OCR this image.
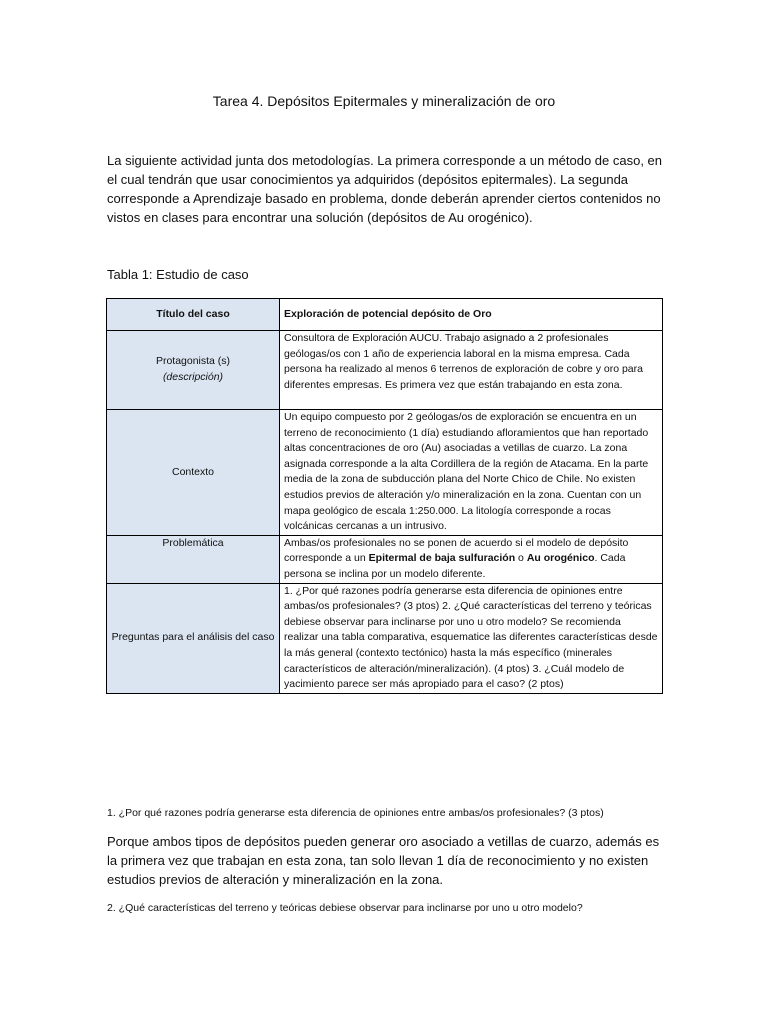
Tarea 4. Depósitos Epitermales y mineralización de oro

La siguiente actividad junta dos metodologías. La primera corresponde a un método de caso, en el cual tendrán que usar conocimientos ya adquiridos (depósitos epitermales). La segunda corresponde a Aprendizaje basado en problema, donde deberán aprender ciertos contenidos no vistos en clases para encontrar una solución (depósitos de Au orogénico).

Tabla 1: Estudio de caso
Título del caso	Exploración de potencial depósito de Oro

Protagonista (s)
(descripción)	Consultora de Exploración AUCU. Trabajo asignado a 2 profesionales geólogas/os con 1 año de experiencia laboral en la misma empresa. Cada persona ha realizado al menos 6 terrenos de exploración de cobre y oro para diferentes empresas. Es primera vez que están trabajando en esta zona.
Contexto	Un equipo compuesto por 2 geólogas/os de exploración se encuentra en un terreno de reconocimiento (1 día) estudiando afloramientos que han reportado altas concentraciones de oro (Au) asociadas a vetillas de cuarzo. La zona asignada corresponde a la alta Cordillera de la región de Atacama. En la parte media de la zona de subducción plana del Norte Chico de Chile. No existen estudios previos de alteración y/o mineralización en la zona. Cuentan con un mapa geológico de escala 1:250.000. La litología corresponde a rocas volcánicas cercanas a un intrusivo.
Problemática	Ambas/os profesionales no se ponen de acuerdo si el modelo de depósito corresponde a un Epitermal de baja sulfuración o Au orogénico. Cada persona se inclina por un modelo diferente.
Preguntas para el análisis del caso	1. ¿Por qué razones podría generarse esta diferencia de opiniones entre ambas/os profesionales? (3 ptos) 2. ¿Qué características del terreno y teóricas debiese observar para inclinarse por uno u otro modelo? Se recomienda realizar una tabla comparativa, esquematice las diferentes características desde la más general (contexto tectónico) hasta la más específico (minerales característicos de alteración/mineralización). (4 ptos) 3. ¿Cuál modelo de yacimiento parece ser más apropiado para el caso? (2 ptos)

1. ¿Por qué razones podría generarse esta diferencia de opiniones entre ambas/os profesionales? (3 ptos)

Porque ambos tipos de depósitos pueden generar oro asociado a vetillas de cuarzo, además es la primera vez que trabajan en esta zona, tan solo llevan 1 día de reconocimiento y no existen estudios previos de alteración y mineralización en la zona.

2. ¿Qué características del terreno y teóricas debiese observar para inclinarse por uno u otro modelo?
